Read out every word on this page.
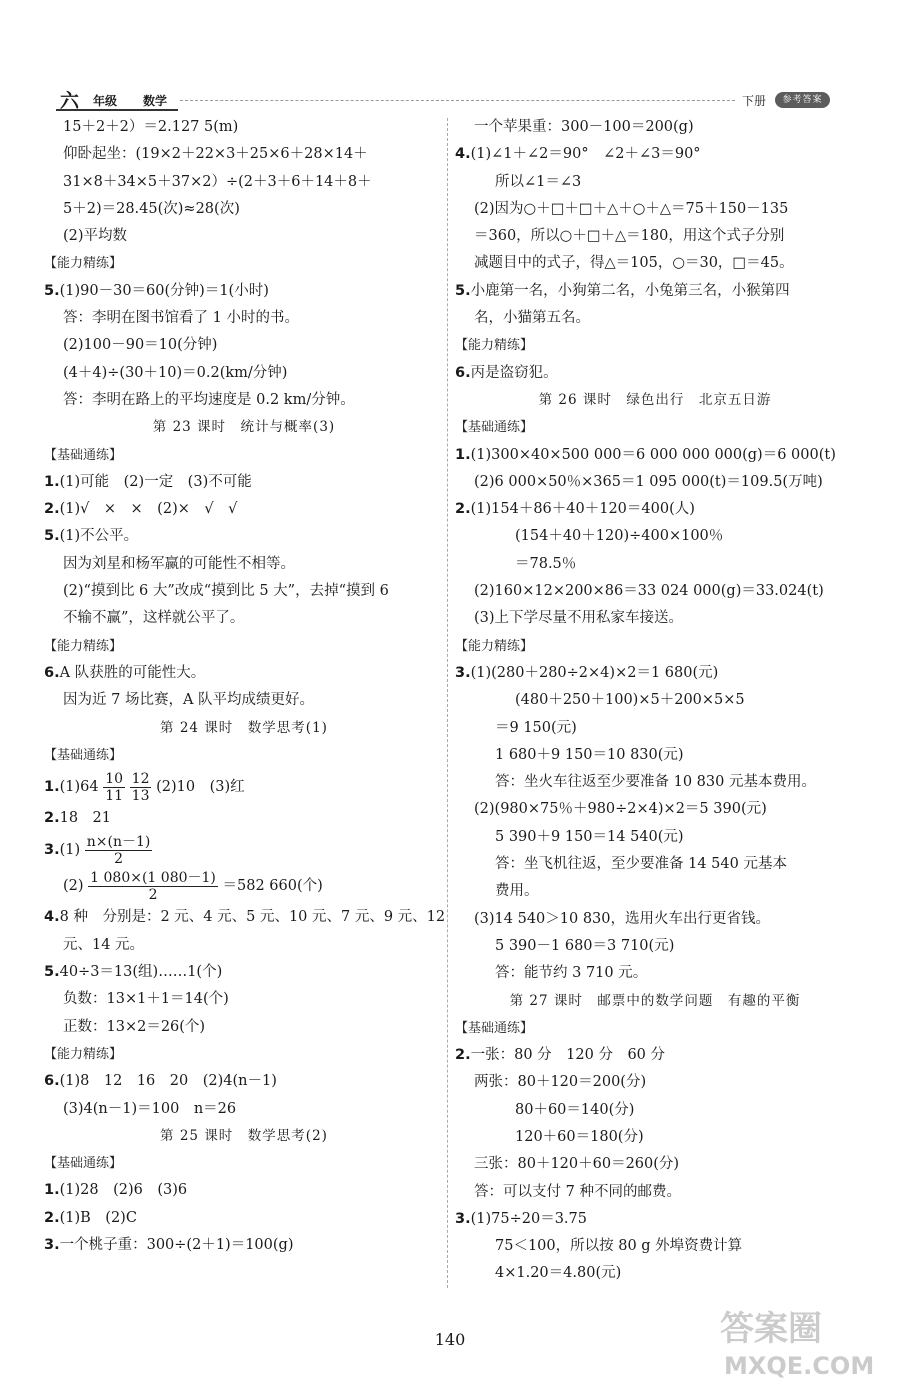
六 年级 数学	下册	参考答案
15＋2＋2）＝2.127 5(m)
仰卧起坐：(19×2＋22×3＋25×6＋28×14＋
31×8＋34×5＋37×2）÷(2＋3＋6＋14＋8＋
5＋2)＝28.45(次)≈28(次)
(2)平均数
【能力精练】
5.(1)90－30＝60(分钟)＝1(小时)
答：李明在图书馆看了 1 小时的书。
(2)100－90＝10(分钟)
(4＋4)÷(30＋10)＝0.2(km/分钟)
答：李明在路上的平均速度是 0.2 km/分钟。
第 23 课时　统计与概率(3)
【基础通练】
1.(1)可能　(2)一定　(3)不可能
2.(1)√　×　×　(2)×　√　√
5.(1)不公平。
因为刘星和杨军赢的可能性不相等。
(2)“摸到比 6 大”改成“摸到比 5 大”，去掉“摸到 6
不输不赢”，这样就公平了。
【能力精练】
6.A 队获胜的可能性大。
因为近 7 场比赛，A 队平均成绩更好。
第 24 课时　数学思考(1)
【基础通练】
$1.(1)64 \frac{10}{11}$
$\frac{12}{13} (2)10$　(3)红
2.18　21
$3.(1) \frac{n\times(n-1)}{2}$
$(2) \frac{1 080\times(1 080-1)}{2} =582$ 660(个)
4.8 种　分别是：2 元、4 元、5 元、10 元、7 元、9 元、12
元、14 元。
5.40÷3＝13(组)……1(个)
负数：13×1＋1＝14(个)
正数：13×2＝26(个)
【能力精练】
6.(1)8　12　16　20　(2)4(n－1)
(3)4(n－1)＝100　n＝26
第 25 课时　数学思考(2)
【基础通练】
1.(1)28　(2)6　(3)6
2.(1)B　(2)C
3.一个桃子重：300÷(2＋1)＝100(g)
一个苹果重：300－100＝200(g)
4.(1)∠1＋∠2＝90°　∠2＋∠3＝90°
所以∠1＝∠3
(2)因为○＋□＋□＋△＋○＋△＝75＋150－135
＝360，所以○＋□＋△＝180，用这个式子分别
减题目中的式子，得△＝105，○＝30，□＝45。
5.小鹿第一名，小狗第二名，小兔第三名，小猴第四
名，小猫第五名。
【能力精练】
6.丙是盗窃犯。
第 26 课时　绿色出行　北京五日游
【基础通练】
1.(1)300×40×500 000＝6 000 000 000(g)＝6 000(t)
(2)6 000×50％×365＝1 095 000(t)＝109.5(万吨)
2.(1)154＋86＋40＋120＝400(人)
(154＋40＋120)÷400×100％
＝78.5％
(2)160×12×200×86＝33 024 000(g)＝33.024(t)
(3)上下学尽量不用私家车接送。
【能力精练】
3.(1)(280＋280÷2×4)×2＝1 680(元)
(480＋250＋100)×5＋200×5×5
＝9 150(元)
1 680＋9 150＝10 830(元)
答：坐火车往返至少要准备 10 830 元基本费用。
(2)(980×75％＋980÷2×4)×2＝5 390(元)
5 390＋9 150＝14 540(元)
答：坐飞机往返，至少要准备 14 540 元基本
费用。
(3)14 540＞10 830，选用火车出行更省钱。
5 390－1 680＝3 710(元)
答：能节约 3 710 元。
第 27 课时　邮票中的数学问题　有趣的平衡
【基础通练】
2.一张：80 分　120 分　60 分
两张：80＋120＝200(分)
80＋60＝140(分)
120＋60＝180(分)
三张：80＋120＋60＝260(分)
答：可以支付 7 种不同的邮费。
3.(1)75÷20＝3.75
75＜100，所以按 80 g 外埠资费计算
4×1.20＝4.80(元)
140	答案圈
MXQE.COM
